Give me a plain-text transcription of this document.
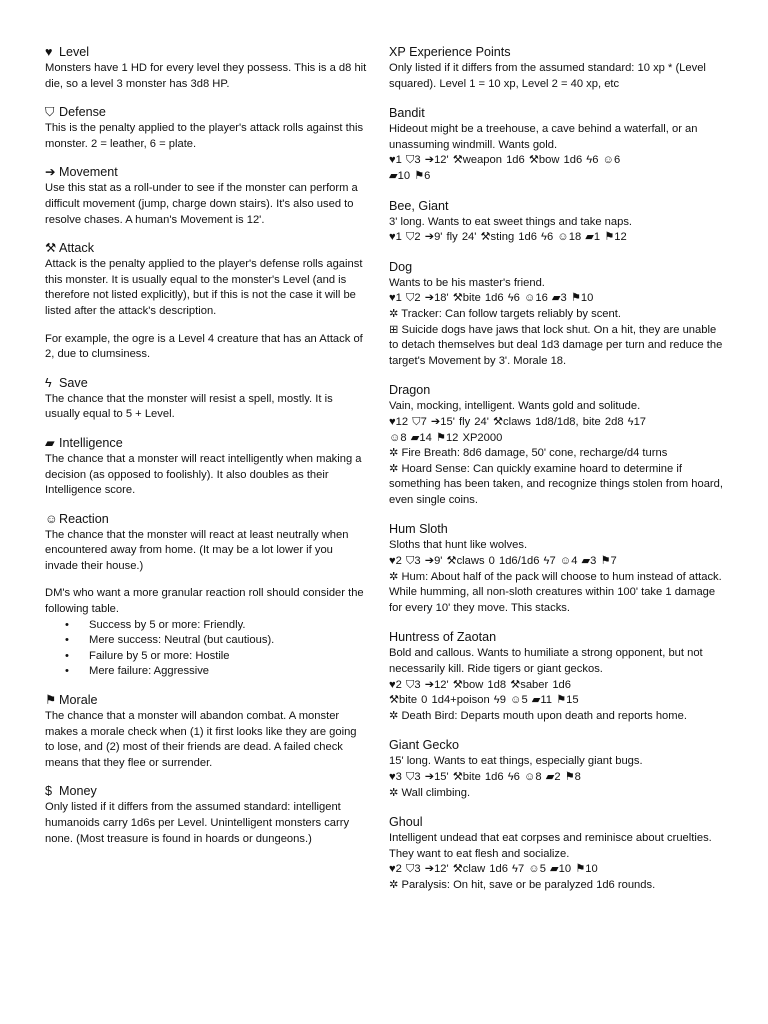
♥ Level

Monsters have 1 HD for every level they possess. This is a d8 hit die, so a level 3 monster has 3d8 HP.

⛉ Defense

This is the penalty applied to the player's attack rolls against this monster. 2 = leather, 6 = plate.

➔ Movement

Use this stat as a roll-under to see if the monster can perform a difficult movement (jump, charge down stairs). It's also used to resolve chases. A human's Movement is 12'.

⚒ Attack

Attack is the penalty applied to the player's defense rolls against this monster. It is usually equal to the monster's Level (and is therefore not listed explicitly), but if this is not the case it will be listed after the attack's description.

For example, the ogre is a Level 4 creature that has an Attack of 2, due to clumsiness.

ϟ Save

The chance that the monster will resist a spell, mostly. It is usually equal to 5 + Level.

▰ Intelligence

The chance that a monster will react intelligently when making a decision (as opposed to foolishly). It also doubles as their Intelligence score.

☺Reaction

The chance that the monster will react at least neutrally when encountered away from home. (It may be a lot lower if you invade their house.)

DM's who want a more granular reaction roll should consider the following table.

• Success by 5 or more: Friendly.
• Mere success: Neutral (but cautious).
• Failure by 5 or more: Hostile
• Mere failure: Aggressive
⚑ Morale

The chance that a monster will abandon combat. A monster makes a morale check when (1) it first looks like they are going to lose, and (2) most of their friends are dead. A failed check means that they flee or surrender.

$ Money

Only listed if it differs from the assumed standard: intelligent humanoids carry 1d6s per Level. Unintelligent monsters carry none. (Most treasure is found in hoards or dungeons.)

XP Experience Points

Only listed if it differs from the assumed standard: 10 xp * (Level squared). Level 1 = 10 xp, Level 2 = 40 xp, etc

Bandit

Hideout might be a treehouse, a cave behind a waterfall, or an unassuming windmill. Wants gold.

♥1 ⛉3 ➔12' ⚒weapon 1d6 ⚒bow 1d6 ϟ6 ☺6

▰10 ⚑6

Bee, Giant

3' long. Wants to eat sweet things and take naps.

♥1 ⛉2 ➔9' fly 24' ⚒sting 1d6 ϟ6 ☺18 ▰1 ⚑12

Dog

Wants to be his master's friend.

♥1 ⛉2 ➔18' ⚒bite 1d6 ϟ6 ☺16 ▰3 ⚑10

✲ Tracker: Can follow targets reliably by scent.

⊞ Suicide dogs have jaws that lock shut. On a hit, they are unable to detach themselves but deal 1d3 damage per turn and reduce the target's Movement by 3'. Morale 18.

Dragon

Vain, mocking, intelligent. Wants gold and solitude.

♥12 ⛉7 ➔15' fly 24' ⚒claws 1d8/1d8, bite 2d8 ϟ17

☺8 ▰14 ⚑12 XP2000

✲ Fire Breath: 8d6 damage, 50' cone, recharge/d4 turns

✲ Hoard Sense: Can quickly examine hoard to determine if something has been taken, and recognize things stolen from hoard, even single coins.

Hum Sloth

Sloths that hunt like wolves.

♥2 ⛉3 ➔9' ⚒claws 0 1d6/1d6 ϟ7 ☺4 ▰3 ⚑7

✲ Hum: About half of the pack will choose to hum instead of attack. While humming, all non-sloth creatures within 100' take 1 damage for every 10' they move. This stacks.

Huntress of Zaotan

Bold and callous. Wants to humiliate a strong opponent, but not necessarily kill. Ride tigers or giant geckos.

♥2 ⛉3 ➔12' ⚒bow 1d8 ⚒saber 1d6

⚒bite 0 1d4+poison ϟ9 ☺5 ▰11 ⚑15

✲ Death Bird: Departs mouth upon death and reports home.

Giant Gecko

15' long. Wants to eat things, especially giant bugs.

♥3 ⛉3 ➔15' ⚒bite 1d6 ϟ6 ☺8 ▰2 ⚑8

✲ Wall climbing.

Ghoul

Intelligent undead that eat corpses and reminisce about cruelties. They want to eat flesh and socialize.

♥2 ⛉3 ➔12' ⚒claw 1d6 ϟ7 ☺5 ▰10 ⚑10

✲ Paralysis: On hit, save or be paralyzed 1d6 rounds.
